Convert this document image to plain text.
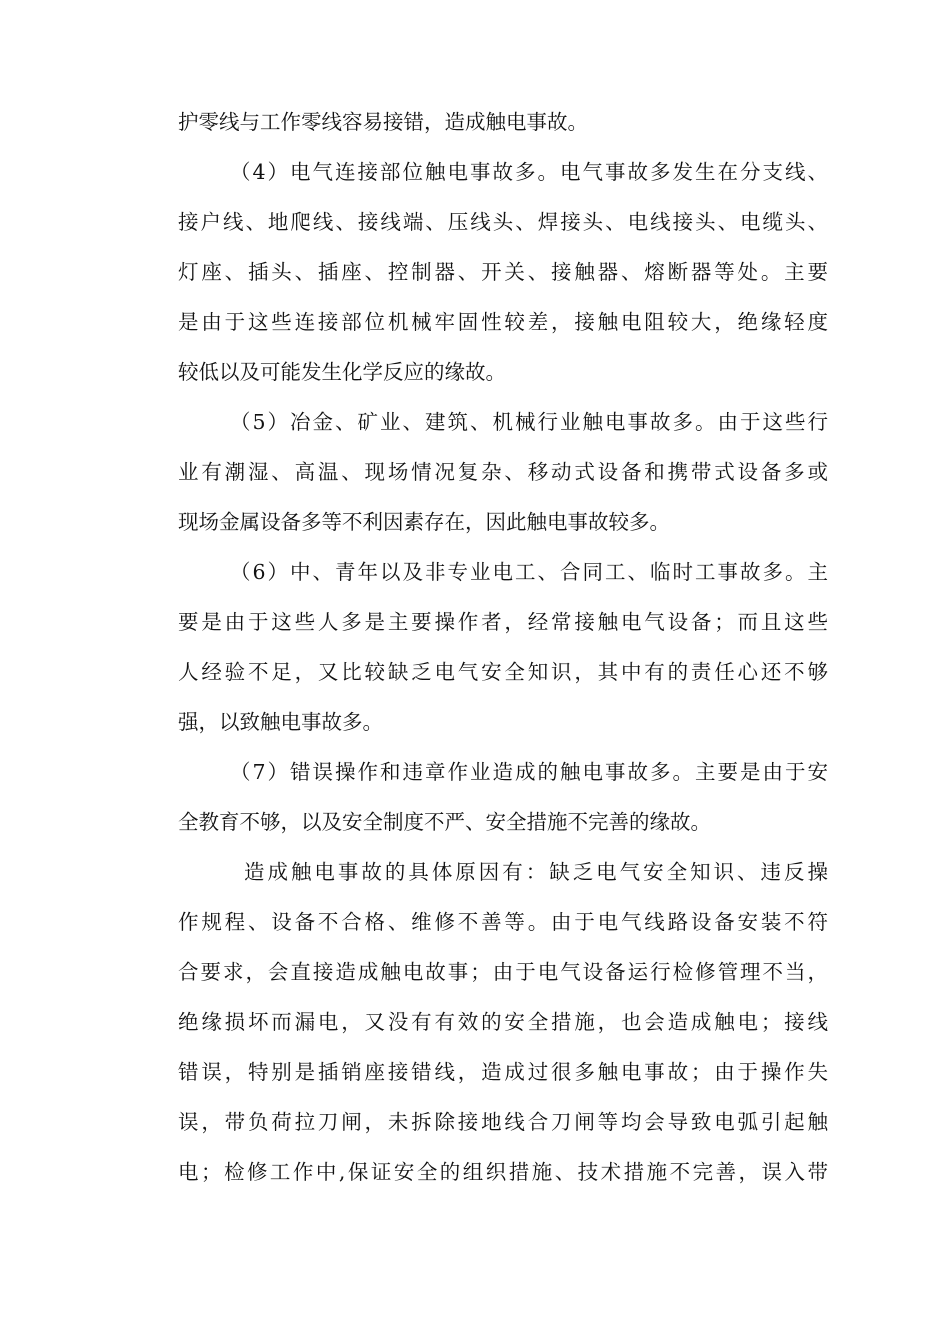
护零线与工作零线容易接错，造成触电事故。
（4）电气连接部位触电事故多。电气事故多发生在分支线、
接户线、地爬线、接线端、压线头、焊接头、电线接头、电缆头、
灯座、插头、插座、控制器、开关、接触器、熔断器等处。主要
是由于这些连接部位机械牢固性较差，接触电阻较大，绝缘轻度
较低以及可能发生化学反应的缘故。
（5）冶金、矿业、建筑、机械行业触电事故多。由于这些行
业有潮湿、高温、现场情况复杂、移动式设备和携带式设备多或
现场金属设备多等不利因素存在，因此触电事故较多。
（6）中、青年以及非专业电工、合同工、临时工事故多。主
要是由于这些人多是主要操作者，经常接触电气设备；而且这些
人经验不足，又比较缺乏电气安全知识，其中有的责任心还不够
强，以致触电事故多。
（7）错误操作和违章作业造成的触电事故多。主要是由于安
全教育不够，以及安全制度不严、安全措施不完善的缘故。
造成触电事故的具体原因有：缺乏电气安全知识、违反操
作规程、设备不合格、维修不善等。由于电气线路设备安装不符
合要求，会直接造成触电故事；由于电气设备运行检修管理不当，
绝缘损坏而漏电，又没有有效的安全措施，也会造成触电；接线
错误，特别是插销座接错线，造成过很多触电事故；由于操作失
误，带负荷拉刀闸，未拆除接地线合刀闸等均会导致电弧引起触
电；检修工作中,保证安全的组织措施、技术措施不完善，误入带
